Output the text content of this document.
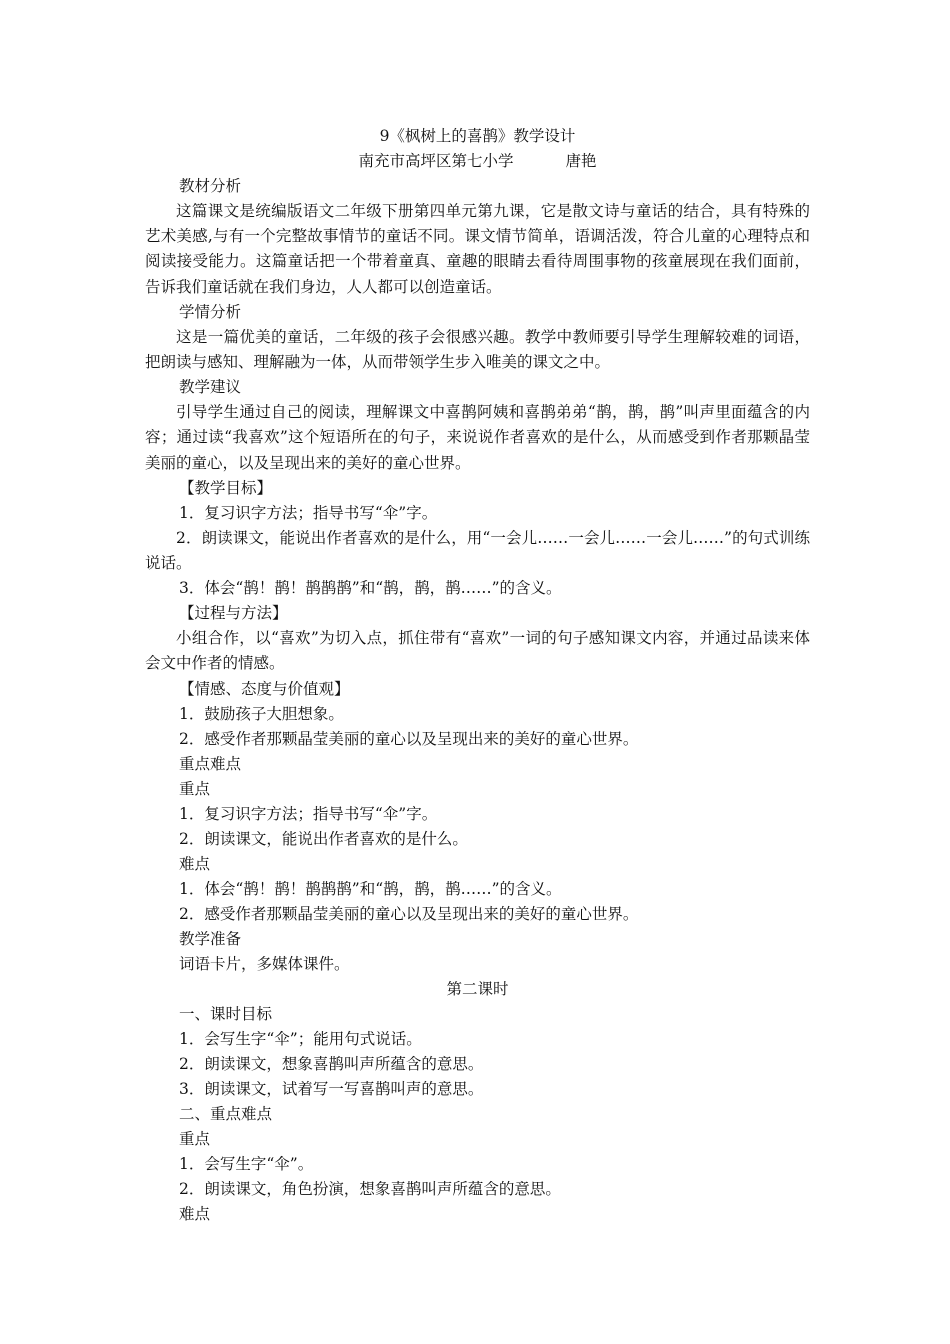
9《枫树上的喜鹊》教学设计
南充市高坪区第七小学	唐艳
教材分析
这篇课文是统编版语文二年级下册第四单元第九课，它是散文诗与童话的结合，具有特殊的艺术美感,与有一个完整故事情节的童话不同。课文情节简单，语调活泼，符合儿童的心理特点和阅读接受能力。这篇童话把一个带着童真、童趣的眼睛去看待周围事物的孩童展现在我们面前，告诉我们童话就在我们身边，人人都可以创造童话。
学情分析
这是一篇优美的童话，二年级的孩子会很感兴趣。教学中教师要引导学生理解较难的词语，把朗读与感知、理解融为一体，从而带领学生步入唯美的课文之中。
教学建议
引导学生通过自己的阅读，理解课文中喜鹊阿姨和喜鹊弟弟“鹊，鹊，鹊”叫声里面蕴含的内容；通过读“我喜欢”这个短语所在的句子，来说说作者喜欢的是什么，从而感受到作者那颗晶莹美丽的童心，以及呈现出来的美好的童心世界。
【教学目标】
1．复习识字方法；指导书写“伞”字。
2．朗读课文，能说出作者喜欢的是什么，用“一会儿……一会儿……一会儿……”的句式训练说话。
3．体会“鹊！鹊！鹊鹊鹊”和“鹊，鹊，鹊……”的含义。
【过程与方法】
小组合作，以“喜欢”为切入点，抓住带有“喜欢”一词的句子感知课文内容，并通过品读来体会文中作者的情感。
【情感、态度与价值观】
1．鼓励孩子大胆想象。
2．感受作者那颗晶莹美丽的童心以及呈现出来的美好的童心世界。
重点难点
重点
1．复习识字方法；指导书写“伞”字。
2．朗读课文，能说出作者喜欢的是什么。
难点
1．体会“鹊！鹊！鹊鹊鹊”和“鹊，鹊，鹊……”的含义。
2．感受作者那颗晶莹美丽的童心以及呈现出来的美好的童心世界。
教学准备
词语卡片，多媒体课件。
第二课时
一、课时目标
1．会写生字“伞”；能用句式说话。
2．朗读课文，想象喜鹊叫声所蕴含的意思。
3．朗读课文，试着写一写喜鹊叫声的意思。
二、重点难点
重点
1．会写生字“伞”。
2．朗读课文，角色扮演，想象喜鹊叫声所蕴含的意思。
难点
